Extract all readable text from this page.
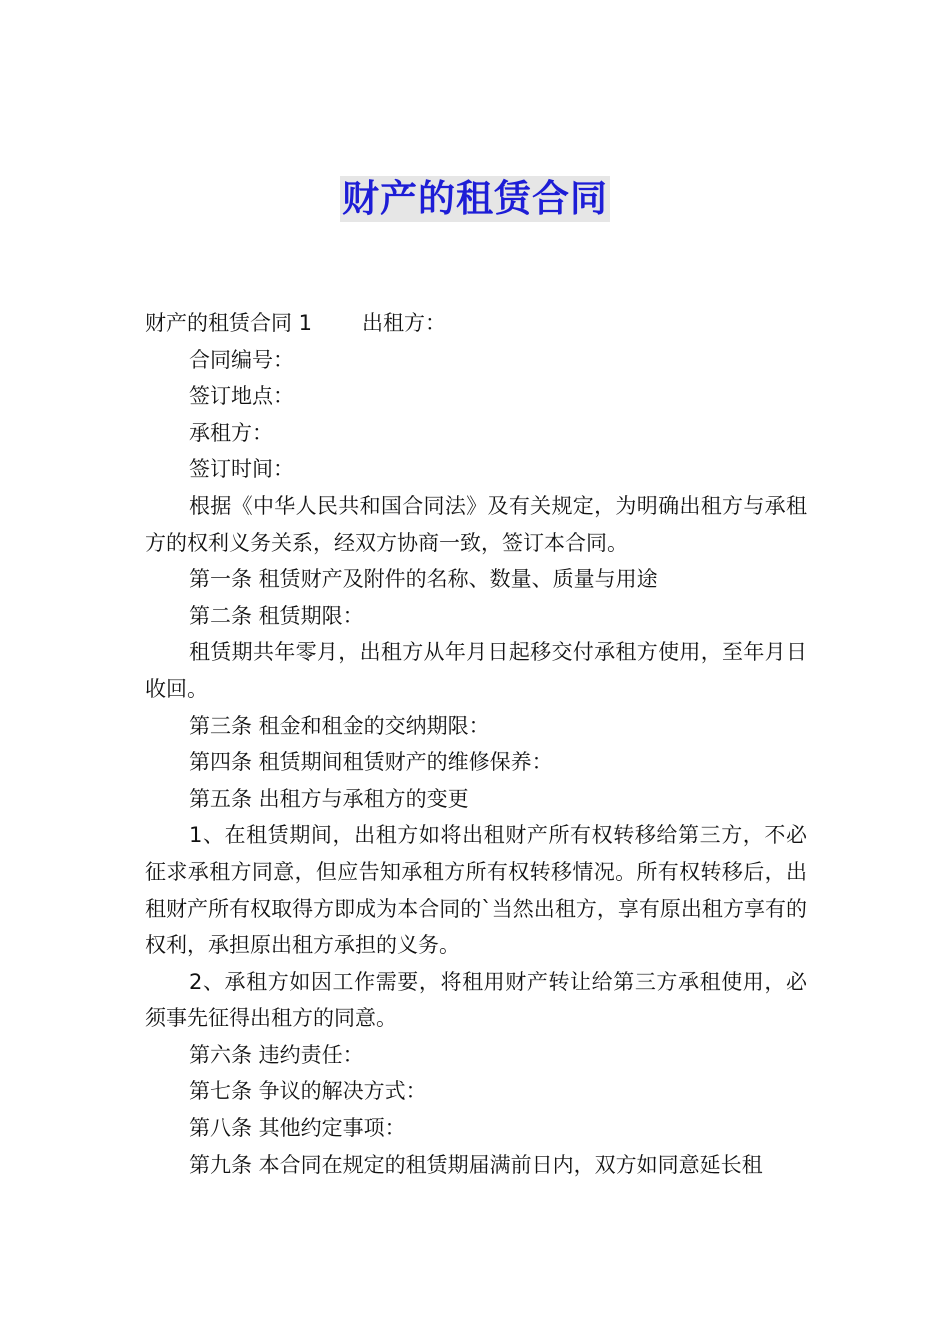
财产的租赁合同

财产的租赁合同 1 出租方：

合同编号：

签订地点：

承租方：

签订时间：

根据《中华人民共和国合同法》及有关规定，为明确出租方与承租方的权利义务关系，经双方协商一致，签订本合同。

第一条 租赁财产及附件的名称、数量、质量与用途

第二条 租赁期限：

租赁期共年零月，出租方从年月日起移交付承租方使用，至年月日收回。

第三条 租金和租金的交纳期限：

第四条 租赁期间租赁财产的维修保养：

第五条 出租方与承租方的变更

1、在租赁期间，出租方如将出租财产所有权转移给第三方，不必征求承租方同意，但应告知承租方所有权转移情况。所有权转移后，出租财产所有权取得方即成为本合同的`当然出租方，享有原出租方享有的权利，承担原出租方承担的义务。

2、承租方如因工作需要，将租用财产转让给第三方承租使用，必须事先征得出租方的同意。

第六条 违约责任：

第七条 争议的解决方式：

第八条 其他约定事项：

第九条 本合同在规定的租赁期届满前日内，双方如同意延长租
